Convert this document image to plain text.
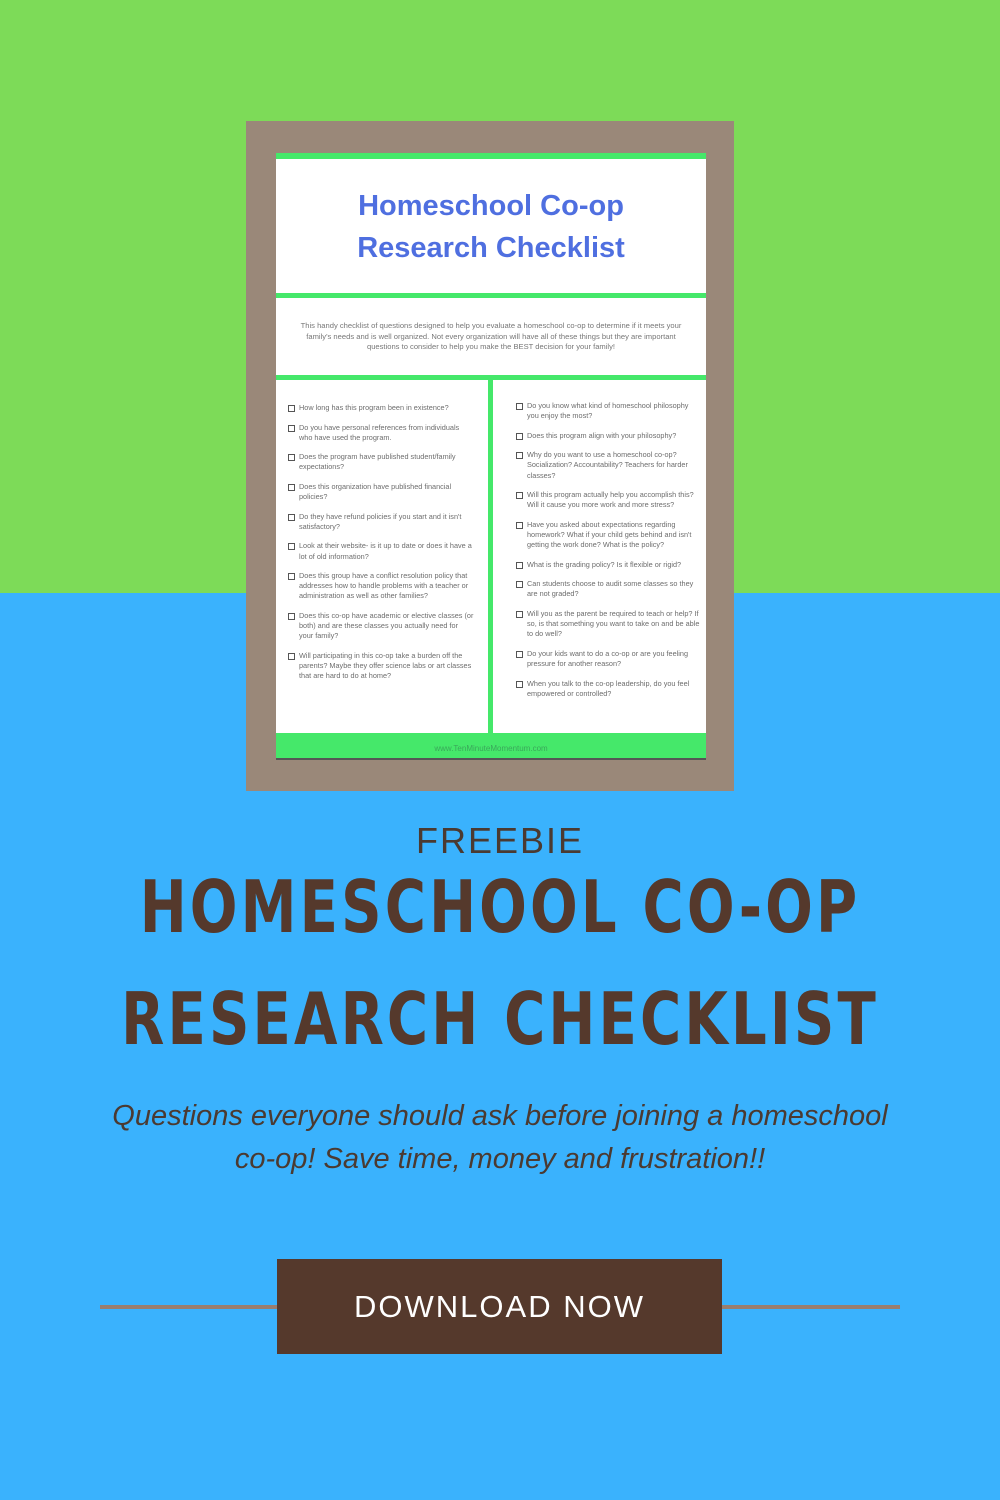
Homeschool Co-op
Research Checklist
This handy checklist of questions designed to help you evaluate a homeschool co-op to determine if it meets your family's needs and is well organized. Not every organization will have all of these things but they are important questions to consider to help you make the BEST decision for your family!
How long has this program been in existence?
Do you have personal references from individuals who have used the program.
Does the program have published student/family expectations?
Does this organization have published financial policies?
Do they have refund policies if you start and it isn't satisfactory?
Look at their website- is it up to date or does it have a lot of old information?
Does this group have a conflict resolution policy that addresses how to handle problems with a teacher or administration as well as other families?
Does this co-op have academic or elective classes (or both) and are these classes you actually need for your family?
Will participating in this co-op take a burden off the parents? Maybe they offer science labs or art classes that are hard to do at home?
Do you know what kind of homeschool philosophy you enjoy the most?
Does this program align with your philosophy?
Why do you want to use a homeschool co-op? Socialization? Accountability? Teachers for harder classes?
Will this program actually help you accomplish this? Will it cause you more work and more stress?
Have you asked about expectations regarding homework? What if your child gets behind and isn't getting the work done? What is the policy?
What is the grading policy? Is it flexible or rigid?
Can students choose to audit some classes so they are not graded?
Will you as the parent be required to teach or help? If so, is that something you want to take on and be able to do well?
Do your kids want to do a co-op or are you feeling pressure for another reason?
When you talk to the co-op leadership, do you feel empowered or controlled?
www.TenMinuteMomentum.com
FREEBIE
HOMESCHOOL CO-OP
RESEARCH CHECKLIST
Questions everyone should ask before joining a homeschool co-op! Save time, money and frustration!!
DOWNLOAD NOW
